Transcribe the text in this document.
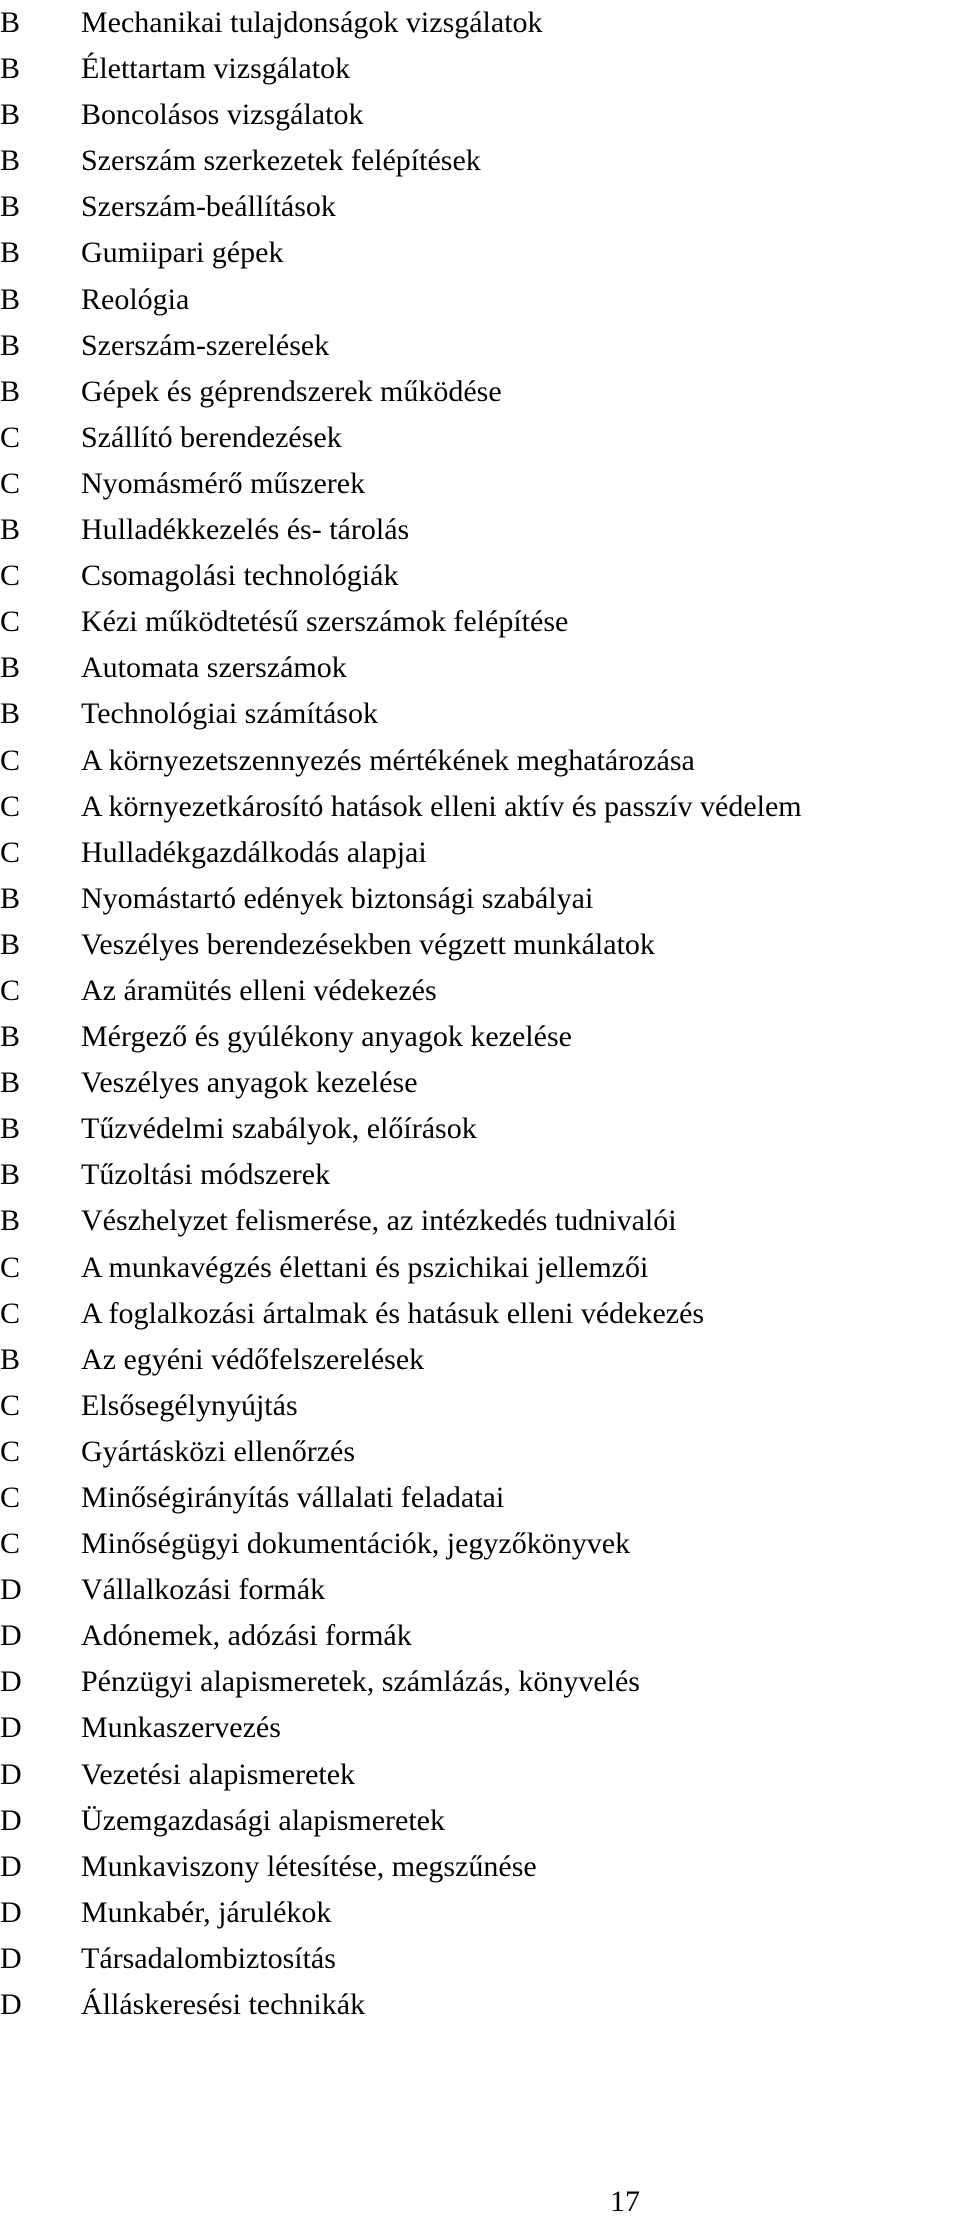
B Mechanikai tulajdonságok vizsgálatok
B Élettartam vizsgálatok
B Boncolásos vizsgálatok
B Szerszám szerkezetek felépítések
B Szerszám-beállítások
B Gumiipari gépek
B Reológia
B Szerszám-szerelések
B Gépek és géprendszerek működése
C Szállító berendezések
C Nyomásmérő műszerek
B Hulladékkezelés és- tárolás
C Csomagolási technológiák
C Kézi működtetésű szerszámok felépítése
B Automata szerszámok
B Technológiai számítások
C A környezetszennyezés mértékének meghatározása
C A környezetkárosító hatások elleni aktív és passzív védelem
C Hulladékgazdálkodás alapjai
B Nyomástartó edények biztonsági szabályai
B Veszélyes berendezésekben végzett munkálatok
C Az áramütés elleni védekezés
B Mérgező és gyúlékony anyagok kezelése
B Veszélyes anyagok kezelése
B Tűzvédelmi szabályok, előírások
B Tűzoltási módszerek
B Vészhelyzet felismerése, az intézkedés tudnivalói
C A munkavégzés élettani és pszichikai jellemzői
C A foglalkozási ártalmak és hatásuk elleni védekezés
B Az egyéni védőfelszerelések
C Elsősegélynyújtás
C Gyártásközi ellenőrzés
C Minőségirányítás vállalati feladatai
C Minőségügyi dokumentációk, jegyzőkönyvek
D Vállalkozási formák
D Adónemek, adózási formák
D Pénzügyi alapismeretek, számlázás, könyvelés
D Munkaszervezés
D Vezetési alapismeretek
D Üzemgazdasági alapismeretek
D Munkaviszony létesítése, megszűnése
D Munkabér, járulékok
D Társadalombiztosítás
D Álláskeresési technikák
17
